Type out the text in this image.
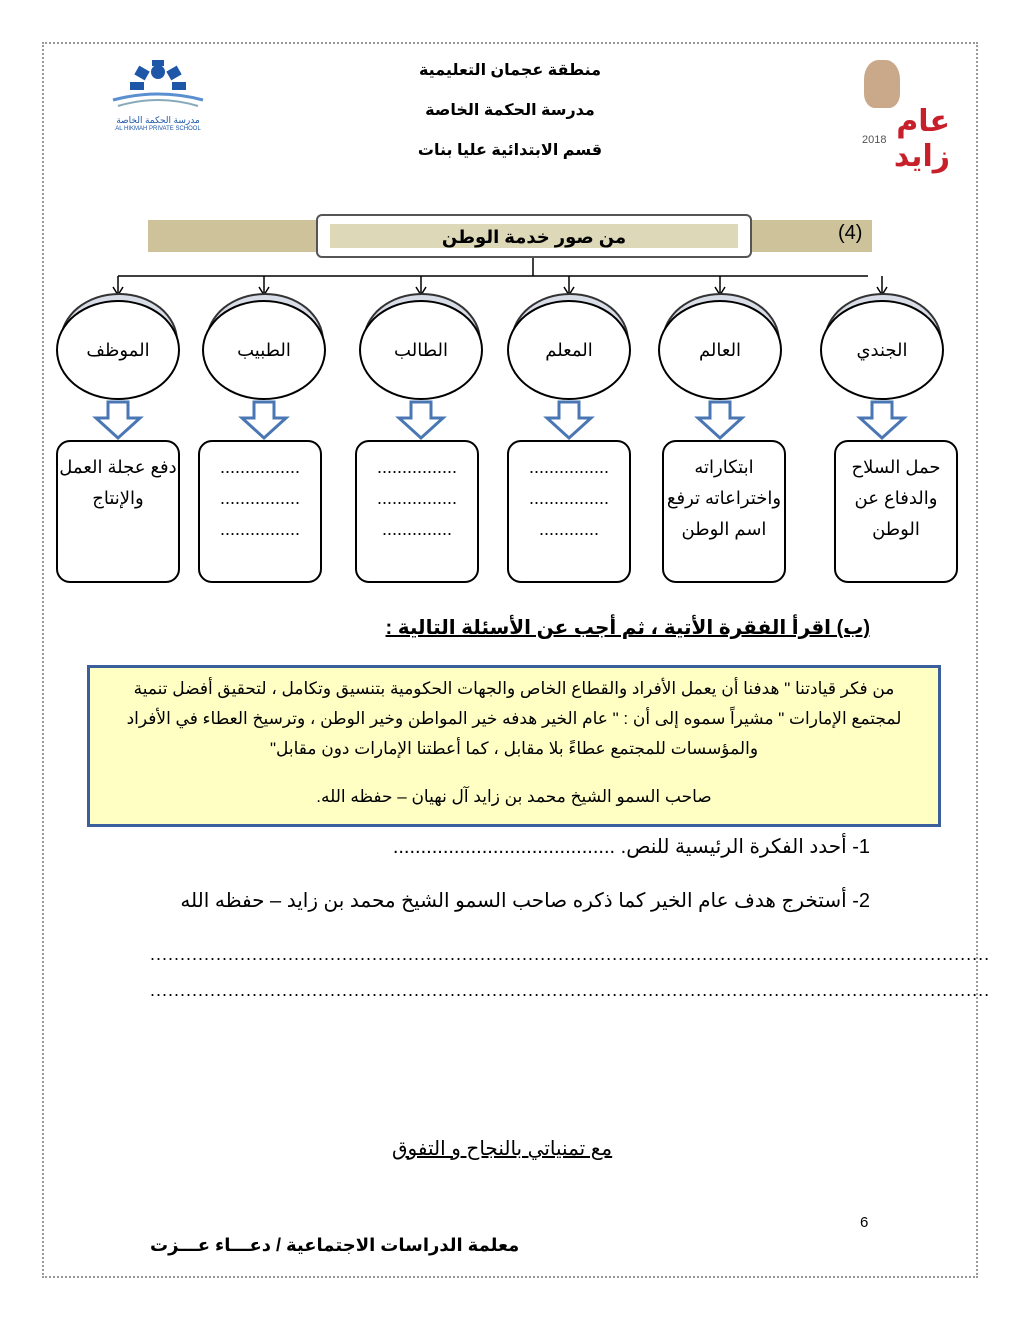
مدرسة الحكمة الخاصة
AL HIKMAH PRIVATE SCHOOL
منطقة عجمان التعليمية
مدرسة الحكمة الخاصة
قسم الابتدائية عليا بنات
عام زايد
2018
من صور خدمة الوطن	(4)
الموظف
دفع عجلة العمل والإنتاج
الطبيب
................ ................ ................
الطالب
................ ................ ..............
المعلم
................ ................ ............
العالم
ابتكاراته واختراعاته ترفع اسم الوطن
الجندي
حمل السلاح والدفاع عن الوطن
(ب) اقرأ الفقرة الأتية ، ثم أجب عن الأسئلة التالية :
من فكر قيادتنا " هدفنا أن يعمل الأفراد والقطاع الخاص والجهات الحكومية بتنسيق وتكامل ، لتحقيق أفضل تنمية لمجتمع الإمارات " مشيراً سموه إلى أن : " عام الخير هدفه خير المواطن وخير الوطن ، وترسيخ العطاء في الأفراد والمؤسسات للمجتمع عطاءً بلا مقابل ، كما أعطتنا الإمارات دون مقابل"
صاحب السمو الشيخ محمد بن زايد آل نهيان – حفظه الله.
1- أحدد الفكرة الرئيسية للنص. ........................................
2- أستخرج هدف عام الخير كما ذكره صاحب السمو الشيخ محمد بن زايد – حفظه الله
............................................................................................................................................
............................................................................................................................................
مع تمنياتي بالنجاح و التفوق
6
معلمة الدراسات الاجتماعية / دعـــاء عـــزت
